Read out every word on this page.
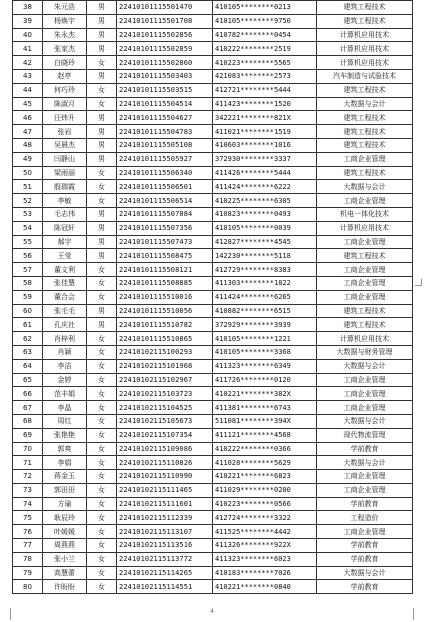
38	朱元浩	男	22410101115501470	410105********0213	建筑工程技术
39	杨焕宇	男	22410101115501708	410105********9750	建筑工程技术
40	朱永杰	男	22410101115502856	410782********0454	计算机应用技术
41	张家杰	男	22410101115502859	410222********2519	计算机应用技术
42	白晓玲	女	22410101115502860	410223********5565	计算机应用技术
43	赵亭	男	22410101115503403	421083********2573	汽车制造与试验技术
44	何巧玲	女	22410101115503515	412721********5444	建筑工程技术
45	陈淑月	女	22410101115504514	411423********1520	大数据与会计
46	汪炜升	男	22410101115504627	342221********821X	建筑工程技术
47	张岩	男	22410101115504783	411021********1519	建筑工程技术
48	吴晨杰	男	22410101115505108	410603********1016	建筑工程技术
49	闫静山	男	22410101115505927	372930********3337	工商企业管理
50	梁雨丽	女	22410101115506340	411426********5444	建筑工程技术
51	殷瑞霞	女	22410101115506501	411424********6222	大数据与会计
52	李敏	女	22410101115506514	410225********6305	工商企业管理
53	毛志伟	男	22410101115507084	410823********0493	机电一体化技术
54	陈冠轩	男	22410101115507356	410105********0039	计算机应用技术
55	郝宇	男	22410101115507473	412827********4545	工商企业管理
56	王莹	男	22410101115508475	142230********5118	建筑工程技术
57	董文利	女	22410101115508121	412729********8383	工商企业管理
58	张佳慧	女	22410101115508885	411303********1822	工商企业管理
59	董合会	女	22410101115510016	411424********6265	工商企业管理
60	张毛毛	男	22410101115510056	410882********6515	建筑工程技术
61	孔庆社	男	22410101115510782	372929********3939	建筑工程技术
62	肖梓利	女	22410101115510865	410105********1221	计算机应用技术
63	肖颖	女	22410102115100293	410105********3368	大数据与财务管理
64	李洁	女	22410102115101968	411323********6349	大数据与会计
65	金婷	女	22410102115102967	411726********0120	工商企业管理
66	范丰娟	女	22410102115103723	410221********382X	工商企业管理
67	李晶	女	22410102115104525	411381********6743	工商企业管理
68	周红	女	22410102115105673	511081********394X	大数据与会计
69	张艳艳	女	22410102115107354	411121********4568	现代物流管理
70	郭爽	女	22410102115109086	410222********0366	学前教育
71	李娟	女	22410102115110826	411028********5629	大数据与会计
72	蒋金玉	女	22410102115110990	410221********6823	工商企业管理
73	郭田田	女	22410102115111465	411029********0200	工商企业管理
74	方瑜	女	22410102115111601	410223********0566	学前教育
75	耿辰玲	女	22410102115112339	412724********3322	工程造价
76	叶媛媛	女	22410102115113107	411525********4442	工商企业管理
77	周燕燕	女	22410102115113516	411326********922X	学前教育
78	张小兰	女	22410102115113772	411323********6023	学前教育
79	高慧蕾	女	22410102115114265	410183********7026	大数据与会计
80	许盼盼	女	22410102115114551	410221********0840	学前教育
4
